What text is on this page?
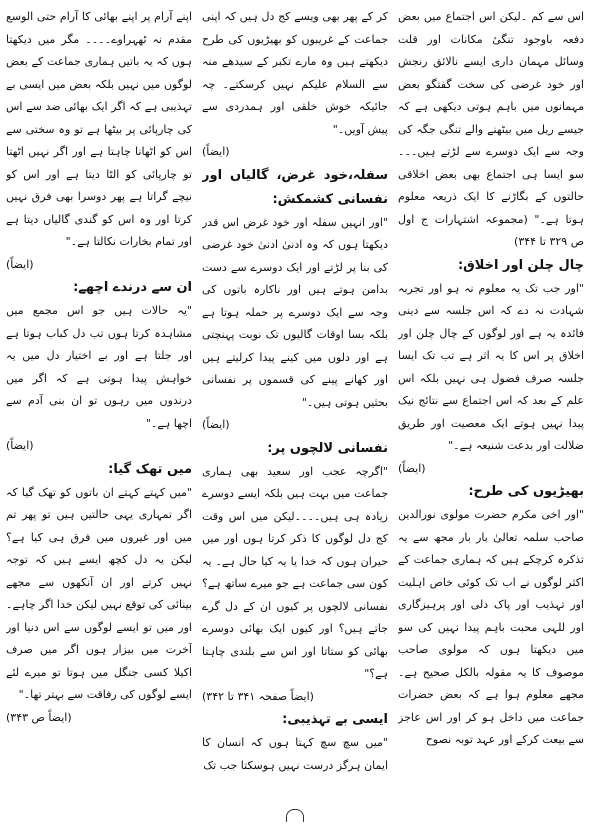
اس سے کم ۔لیکن اس اجتماع میں بعض دفعہ باوجود تنگیٔ مکانات اور قلت وسائل مہمان داری ایسے نالائق رنجش اور خود غرضی کی سخت گفتگو بعض مہمانوں میں باہم ہوتی دیکھی ہے کہ جیسے ریل میں بیٹھنے والے تنگی جگہ کی وجہ سے ایک دوسرے سے لڑتے ہیں۔۔۔سو ایسا ہی اجتماع بھی بعض اخلاقی حالتوں کے بگاڑنے کا ایک ذریعہ معلوم ہوتا ہے۔" (مجموعہ اشتہارات ج اول ص ۳۲۹ تا ۳۴۴)

چال چلن اور اخلاق:

"اور جب تک یہ معلوم نہ ہو اور تجربہ شہادت نہ دے کہ اس جلسہ سے دینی فائدہ یہ ہے اور لوگوں کے چال چلن اور اخلاق پر اس کا یہ اثر ہے تب تک ایسا جلسہ صرف فضول ہی نہیں بلکہ اس علم کے بعد کہ اس اجتماع سے نتائج نیک پیدا نہیں ہوتے ایک معصیت اور طریق ضلالت اور بدعت شنیعہ ہے۔"

(ایضاً)

بھیڑیوں کی طرح:

"اور اخی مکرم حضرت مولوی نورالدین صاحب سلمہ تعالیٰ بار بار مجھ سے یہ تذکرہ کرچکے ہیں کہ ہماری جماعت کے اکثر لوگوں نے اب تک کوئی خاص اہلیت اور تہذیب اور پاک دلی اور پرہیزگاری اور للہی محبت باہم پیدا نہیں کی سو میں دیکھتا ہوں کہ مولوی صاحب موصوف کا یہ مقولہ بالکل صحیح ہے۔ مجھے معلوم ہوا ہے کہ بعض حضرات جماعت میں داخل ہو کر اور اس عاجز سے بیعت کرکے اور عہد توبہ نصوح

کر کے پھر بھی ویسے کج دل ہیں کہ اپنی جماعت کے غریبوں کو بھیڑیوں کی طرح دیکھتے ہیں وہ مارے تکبر کے سیدھے منہ سے السلام علیکم نہیں کرسکتے۔ چہ جائیکہ خوش خلقی اور ہمدردی سے پیش آویں۔"

(ایضاً)

سفلہ،خود غرض، گالیاں اور نفسانی کشمکش:

"اور انہیں سفلہ اور خود غرض اس قدر دیکھتا ہوں کہ وہ ادنیٰ ادنیٰ خود غرضی کی بنا پر لڑتے اور ایک دوسرے سے دست بدامن ہوتے ہیں اور ناکارہ باتوں کی وجہ سے ایک دوسرے پر حملہ ہوتا ہے بلکہ بسا اوقات گالیوں تک نوبت پہنچتی ہے اور دلوں میں کینے پیدا کرلیتے ہیں اور کھانے پینے کی قسموں پر نفسانی بحثیں ہوتی ہیں۔"

(ایضاً)

نفسانی لالچوں پر:

"اگرچہ عجب اور سعید بھی ہماری جماعت میں بہت ہیں بلکہ ایسے دوسرے زیادہ ہی ہیں۔۔۔۔لیکن میں اس وقت کج دل لوگوں کا ذکر کرتا ہوں اور میں حیران ہوں کہ خدا یا یہ کیا حال ہے۔ یہ کون سی جماعت ہے جو میرے ساتھ ہے؟ نفسانی لالچوں پر کیوں ان کے دل گرے جاتے ہیں؟ اور کیوں ایک بھائی دوسرے بھائی کو ستاتا اور اس سے بلندی چاہتا ہے؟"

(ایضاً صفحہ ۳۴۱ تا ۳۴۲)

ایسی بے تہذیبی:

"میں سچ سچ کہتا ہوں کہ انسان کا ایمان ہرگز درست نہیں ہوسکتا جب تک

اپنے آرام پر اپنے بھائی کا آرام حتی الوسع مقدم نہ ٹھہراوے۔۔۔۔ مگر میں دیکھتا ہوں کہ یہ باتیں ہماری جماعت کے بعض لوگوں میں نہیں بلکہ بعض میں ایسی بے تہذیبی ہے کہ اگر ایک بھائی ضد سے اس کی چارپائی پر بیٹھا ہے تو وہ سختی سے اس کو اٹھانا چاہتا ہے اور اگر نہیں اٹھتا تو چارپائی کو الٹا دیتا ہے اور اس کو نیچے گراتا ہے پھر دوسرا بھی فرق نہیں کرتا اور وہ اس کو گندی گالیاں دیتا ہے اور تمام بخارات نکالتا ہے۔"

(ایضاً)

ان سے درندے اچھے:

"یہ حالات ہیں جو اس مجمع میں مشاہدہ کرتا ہوں تب دل کباب ہوتا ہے اور جلتا ہے اور بے اختیار دل میں یہ خواہش پیدا ہوتی ہے کہ اگر میں درندوں میں رہوں تو ان بنی آدم سے اچھا ہے۔"

(ایضاً)

میں تھک گیا:

"میں کہتے کہتے ان باتوں کو تھک گیا کہ اگر تمہاری یہی حالتیں ہیں تو پھر تم میں اور غیروں میں فرق ہی کیا ہے؟ لیکن یہ دل کچھ ایسے ہیں کہ توجہ نہیں کرتے اور ان آنکھوں سے مجھے بینائی کی توقع نہیں لیکن خدا اگر چاہے۔ اور میں تو ایسے لوگوں سے اس دنیا اور آخرت میں بیزار ہوں اگر میں صرف اکیلا کسی جنگل میں ہوتا تو میرے لئے ایسے لوگوں کی رفاقت سے بہتر تھا۔"

(ایضاً ص ۳۴۳)
